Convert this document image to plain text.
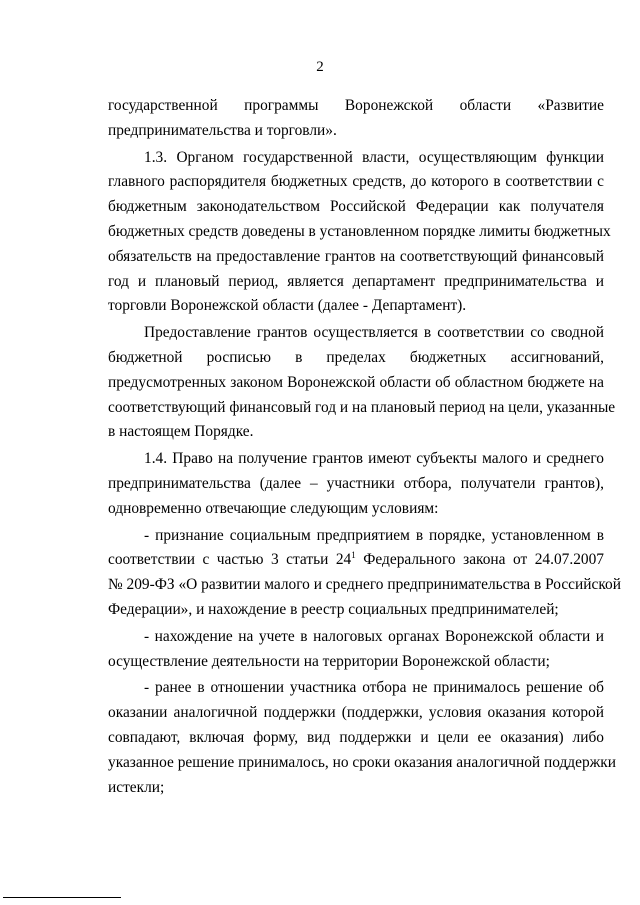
2
государственной программы Воронежской области «Развитие
предпринимательства и торговли».
1.3. Органом государственной власти, осуществляющим функции
главного распорядителя бюджетных средств, до которого в соответствии с
бюджетным законодательством Российской Федерации как получателя
бюджетных средств доведены в установленном порядке лимиты бюджетных
обязательств на предоставление грантов на соответствующий финансовый
год и плановый период, является департамент предпринимательства и
торговли Воронежской области (далее - Департамент).
Предоставление грантов осуществляется в соответствии со сводной
бюджетной росписью в пределах бюджетных ассигнований,
предусмотренных законом Воронежской области об областном бюджете на
соответствующий финансовый год и на плановый период на цели, указанные
в настоящем Порядке.
1.4. Право на получение грантов имеют субъекты малого и среднего
предпринимательства (далее – участники отбора, получатели грантов),
одновременно отвечающие следующим условиям:
- признание социальным предприятием в порядке, установленном в
соответствии с частью 3 статьи $24^1$ Федерального закона от 24.07.2007
№ 209-ФЗ «О развитии малого и среднего предпринимательства в Российской
Федерации», и нахождение в реестр социальных предпринимателей;
- нахождение на учете в налоговых органах Воронежской области и
осуществление деятельности на территории Воронежской области;
- ранее в отношении участника отбора не принималось решение об
оказании аналогичной поддержки (поддержки, условия оказания которой
совпадают, включая форму, вид поддержки и цели ее оказания) либо
указанное решение принималось, но сроки оказания аналогичной поддержки
истекли;
